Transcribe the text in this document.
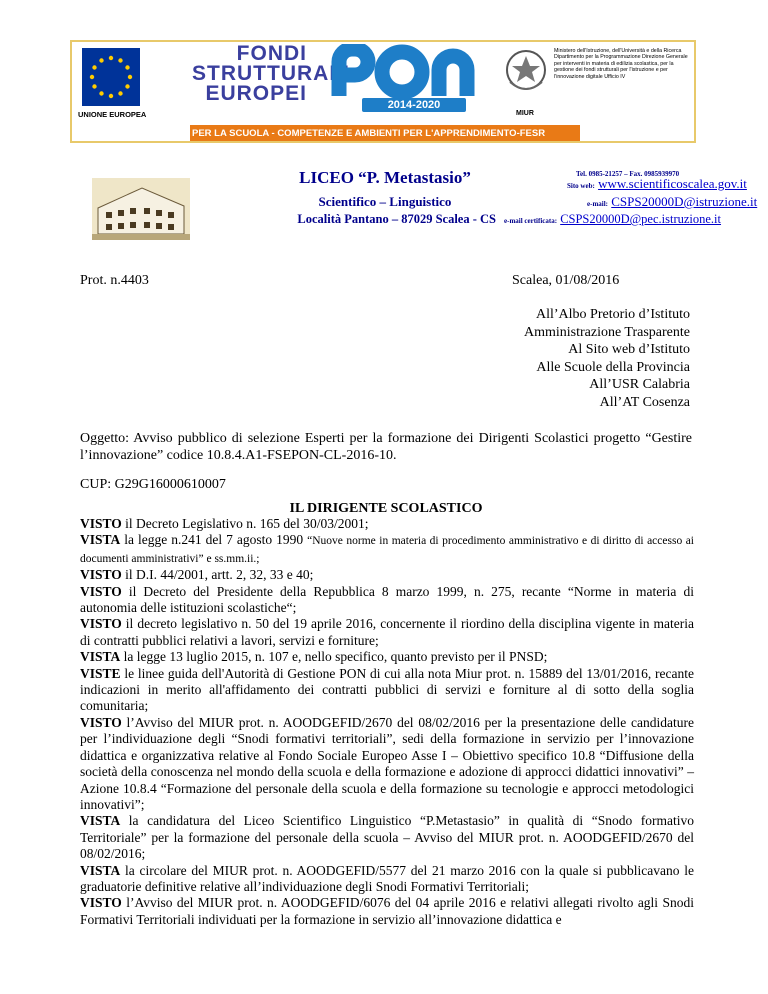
UNIONE EUROPEA
FONDI
STRUTTURALI
EUROPEI	2014-2020
MIUR
Ministero dell'Istruzione, dell'Università e della Ricerca Dipartimento per la Programmazione Direzione Generale per interventi in materia di edilizia scolastica, per la gestione dei fondi strutturali per l'istruzione e per l'innovazione digitale Ufficio IV
PER LA SCUOLA - COMPETENZE E AMBIENTI PER L'APPRENDIMENTO-FESR
LICEO “P. Metastasio”
Scientifico – Linguistico
Località Pantano – 87029 Scalea - CS
Tel. 0985-21257 – Fax. 0985939970
Sito web: www.scientificoscalea.gov.it
e-mail: CSPS20000D@istruzione.it
e-mail certificata: CSPS20000D@pec.istruzione.it
Prot. n.4403	Scalea, 01/08/2016
All’Albo Pretorio d’Istituto
Amministrazione Trasparente
Al Sito web d’Istituto
Alle Scuole della Provincia
All’USR Calabria
All’AT Cosenza
Oggetto: Avviso pubblico di selezione Esperti per la formazione dei Dirigenti Scolastici progetto “Gestire l’innovazione” codice 10.8.4.A1-FSEPON-CL-2016-10.
CUP: G29G16000610007
IL DIRIGENTE SCOLASTICO

VISTO il Decreto Legislativo n. 165 del 30/03/2001;

VISTA la legge n.241 del 7 agosto 1990 “Nuove norme in materia di procedimento amministrativo e di diritto di accesso ai documenti amministrativi” e ss.mm.ii.;

VISTO il D.I. 44/2001, artt. 2, 32, 33 e 40;

VISTO il Decreto del Presidente della Repubblica 8 marzo 1999, n. 275, recante “Norme in materia di autonomia delle istituzioni scolastiche“;

VISTO il decreto legislativo n. 50 del 19 aprile 2016, concernente il riordino della disciplina vigente in materia di contratti pubblici relativi a lavori, servizi e forniture;

VISTA la legge 13 luglio 2015, n. 107 e, nello specifico, quanto previsto per il PNSD;

VISTE le linee guida dell'Autorità di Gestione PON di cui alla nota Miur prot. n. 15889 del 13/01/2016, recante indicazioni in merito all'affidamento dei contratti pubblici di servizi e forniture al di sotto della soglia comunitaria;

VISTO l’Avviso del MIUR prot. n. AOODGEFID/2670 del 08/02/2016 per la presentazione delle candidature per l’individuazione degli “Snodi formativi territoriali”, sedi della formazione in servizio per l’innovazione didattica e organizzativa relative al Fondo Sociale Europeo Asse I – Obiettivo specifico 10.8 “Diffusione della società della conoscenza nel mondo della scuola e della formazione e adozione di approcci didattici innovativi” – Azione 10.8.4 “Formazione del personale della scuola e della formazione su tecnologie e approcci metodologici innovativi”;

VISTA la candidatura del Liceo Scientifico Linguistico “P.Metastasio” in qualità di “Snodo formativo Territoriale” per la formazione del personale della scuola – Avviso del MIUR prot. n. AOODGEFID/2670 del 08/02/2016;

VISTA la circolare del MIUR prot. n. AOODGEFID/5577 del 21 marzo 2016 con la quale si pubblicavano le graduatorie definitive relative all’individuazione degli Snodi Formativi Territoriali;

VISTO l’Avviso del MIUR prot. n. AOODGEFID/6076 del 04 aprile 2016 e relativi allegati rivolto agli Snodi Formativi Territoriali individuati per la formazione in servizio all’innovazione didattica e
